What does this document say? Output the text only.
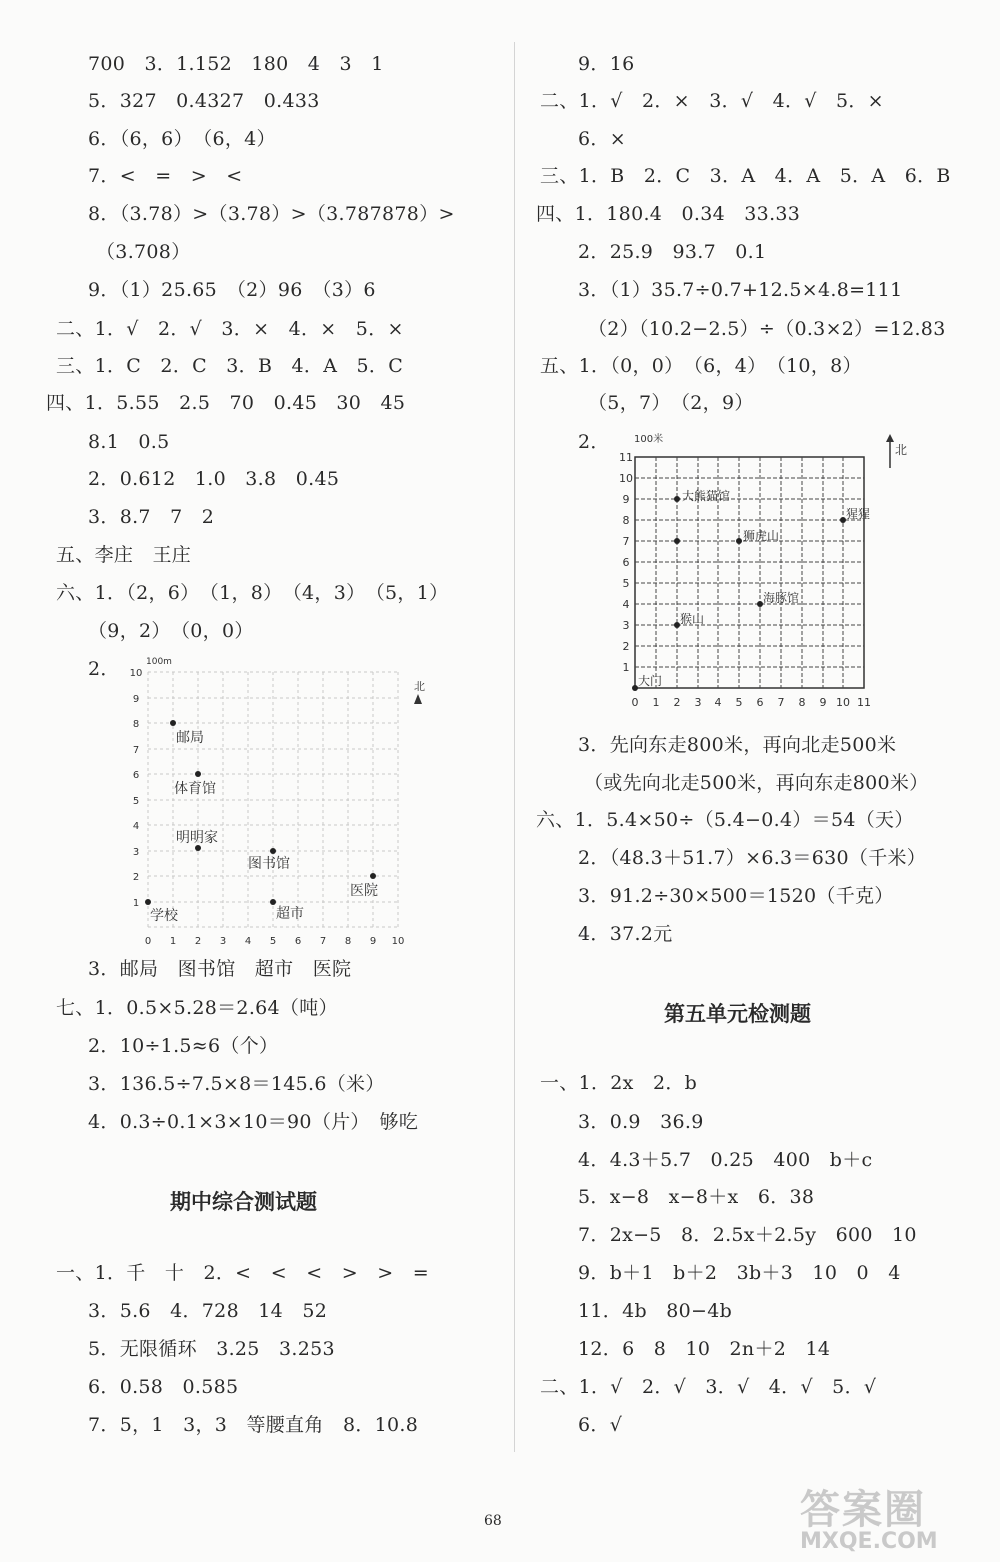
700　3．1.152　180　4　3　1
5．327　0.4327　0.433
6．（6，6）　（6，4）
7．<　=　>　<
8．（3.78）>（3.78）>（3.787878）>
（3.708）
9．（1）25.65　（2）96　（3）6
二、1．√　2．√　3．×　4．×　5．×
三、1．C　2．C　3．B　4．A　5．C
四、1．5.55　2.5　70　0.45　30　45
8.1　0.5
2．0.612　1.0　3.8　0.45
3．8.7　7　2
五、李庄　王庄
六、1．（2，6）　（1，8）　（4，3）　（5，1）
（9，2）　（0，0）
2．	100m
北
0 1 2 3 4 5 6 7 8 9 10
1
2
3
4
5
6
7
8
9
10
邮局
体育馆
明明家
图书馆
医院
学校	超市
3．邮局　图书馆　超市　医院
七、1．0.5×5.28＝2.64（吨）
2．10÷1.5≈6（个）
3．136.5÷7.5×8＝145.6（米）
4．0.3÷0.1×3×10＝90（片）　够吃
期中综合测试题
一、1．千　十　2．<　<　<　>　>　=
3．5.6　4．728　14　52
5．无限循环　3.25　3.253
6．0.58　0.585
7．5，1　3，3　等腰直角　8．10.8
9．16
二、1．√　2．×　3．√　4．√　5．×
6．×
三、1．B　2．C　3．A　4．A　5．A　6．B
四、1．180.4　0.34　33.33
2．25.9　93.7　0.1
3．（1）35.7÷0.7+12.5×4.8=111
（2）（10.2−2.5）÷（0.3×2）=12.83
五、1．（0，0）　（6，4）　（10，8）
（5，7）　（2，9）
2． 100米
北
0 1 2 3 4 5 6 7 8 9 10 11
1
2
3
4
5
6
7
8
9
10
11
大熊猫馆
猩猩
狮虎山
海豚馆
猴山
大门
3．先向东走800米，再向北走500米
（或先向北走500米，再向东走800米）
六、1．5.4×50÷（5.4−0.4）＝54（天）
2．（48.3＋51.7）×6.3＝630（千米）
3．91.2÷30×500＝1520（千克）
4．37.2元
第五单元检测题
一、1．2x　2．b
3．0.9　36.9
4．4.3＋5.7　0.25　400　b＋c
5．x−8　x−8＋x　6．38
7．2x−5　8．2.5x＋2.5y　600　10
9．b＋1　b＋2　3b＋3　10　0　4
11．4b　80−4b
12．6　8　10　2n＋2　14
二、1．√　2．√　3．√　4．√　5．√
6．√
68	答案圈
MXQE.COM
